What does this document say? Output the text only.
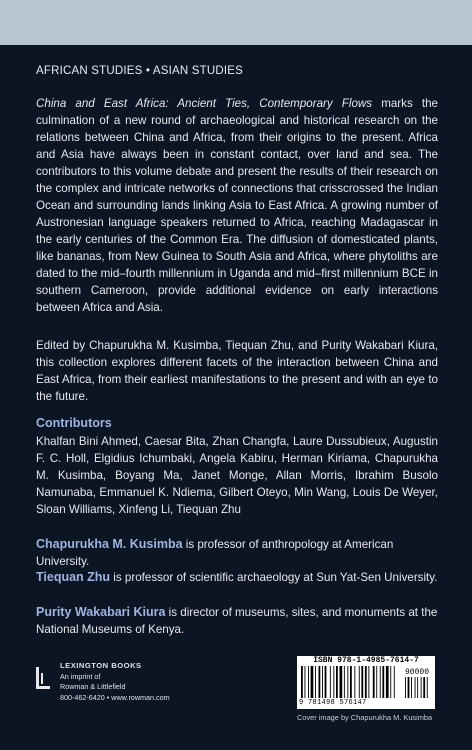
AFRICAN STUDIES • ASIAN STUDIES
China and East Africa: Ancient Ties, Contemporary Flows marks the culmination of a new round of archaeological and historical research on the relations between China and Africa, from their origins to the present. Africa and Asia have always been in constant contact, over land and sea. The contributors to this volume debate and present the results of their research on the complex and intricate networks of connections that crisscrossed the Indian Ocean and surrounding lands linking Asia to East Africa. A growing number of Austronesian language speakers returned to Africa, reaching Madagascar in the early centuries of the Common Era. The diffusion of domesticated plants, like bananas, from New Guinea to South Asia and Africa, where phytoliths are dated to the mid–fourth millennium in Uganda and mid–first millennium BCE in southern Cameroon, provide additional evidence on early interactions between Africa and Asia.
Edited by Chapurukha M. Kusimba, Tiequan Zhu, and Purity Wakabari Kiura, this collection explores different facets of the interaction between China and East Africa, from their earliest manifestations to the present and with an eye to the future.
Contributors
Khalfan Bini Ahmed, Caesar Bita, Zhan Changfa, Laure Dussubieux, Augustin F. C. Holl, Elgidius Ichumbaki, Angela Kabiru, Herman Kiriama, Chapurukha M. Kusimba, Boyang Ma, Janet Monge, Allan Morris, Ibrahim Busolo Namunaba, Emmanuel K. Ndiema, Gilbert Oteyo, Min Wang, Louis De Weyer, Sloan Williams, Xinfeng Li, Tiequan Zhu
Chapurukha M. Kusimba is professor of anthropology at American University.
Tiequan Zhu is professor of scientific archaeology at Sun Yat-Sen University.
Purity Wakabari Kiura is director of museums, sites, and monuments at the National Museums of Kenya.
LEXINGTON BOOKS
An imprint of
Rowman & Littlefield
800-462-6420 • www.rowman.com
ISBN 978-1-4985-7614-7
9 781498 576147
90000
Cover image by Chapurukha M. Kusimba
